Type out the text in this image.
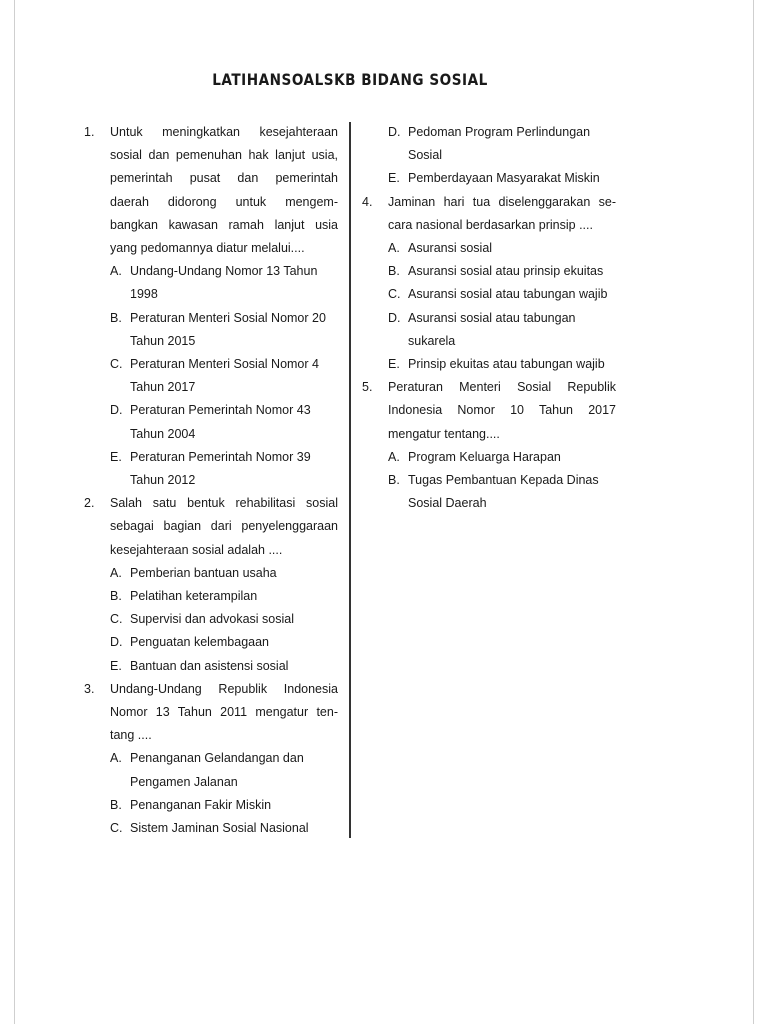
LATIHANSOALSKB BIDANG SOSIAL
1.	Untuk meningkatkan kesejahteraan sosial dan pemenuhan hak lanjut usia, pemerintah pusat dan pemerintah daerah didorong untuk mengem- bangkan kawasan ramah lanjut usia yang pedomannya diatur melalui....
A. Undang-Undang Nomor 13 Tahun 1998
B. Peraturan Menteri Sosial Nomor 20 Tahun 2015
C. Peraturan Menteri Sosial Nomor 4 Tahun 2017
D. Peraturan Pemerintah Nomor 43 Tahun 2004
E. Peraturan Pemerintah Nomor 39 Tahun 2012
2.	Salah satu bentuk rehabilitasi sosial sebagai bagian dari penyelenggaraan kesejahteraan sosial adalah ....
A. Pemberian bantuan usaha
B. Pelatihan keterampilan
C. Supervisi dan advokasi sosial
D. Penguatan kelembagaan
E. Bantuan dan asistensi sosial
3.	Undang-Undang Republik Indonesia Nomor 13 Tahun 2011 mengatur ten- tang ....
A. Penanganan Gelandangan dan Pengamen Jalanan
B. Penanganan Fakir Miskin
C. Sistem Jaminan Sosial Nasional
D. Pedoman Program Perlindungan Sosial
E. Pemberdayaan Masyarakat Miskin
4.	Jaminan hari tua diselenggarakan se- cara nasional berdasarkan prinsip ....
A. Asuransi sosial
B. Asuransi sosial atau prinsip ekuitas
C. Asuransi sosial atau tabungan wajib
D. Asuransi sosial atau tabungan sukarela
E. Prinsip ekuitas atau tabungan wajib
5.	Peraturan Menteri Sosial Republik Indonesia Nomor 10 Tahun 2017 mengatur tentang....
A. Program Keluarga Harapan
B. Tugas Pembantuan Kepada Dinas Sosial Daerah
